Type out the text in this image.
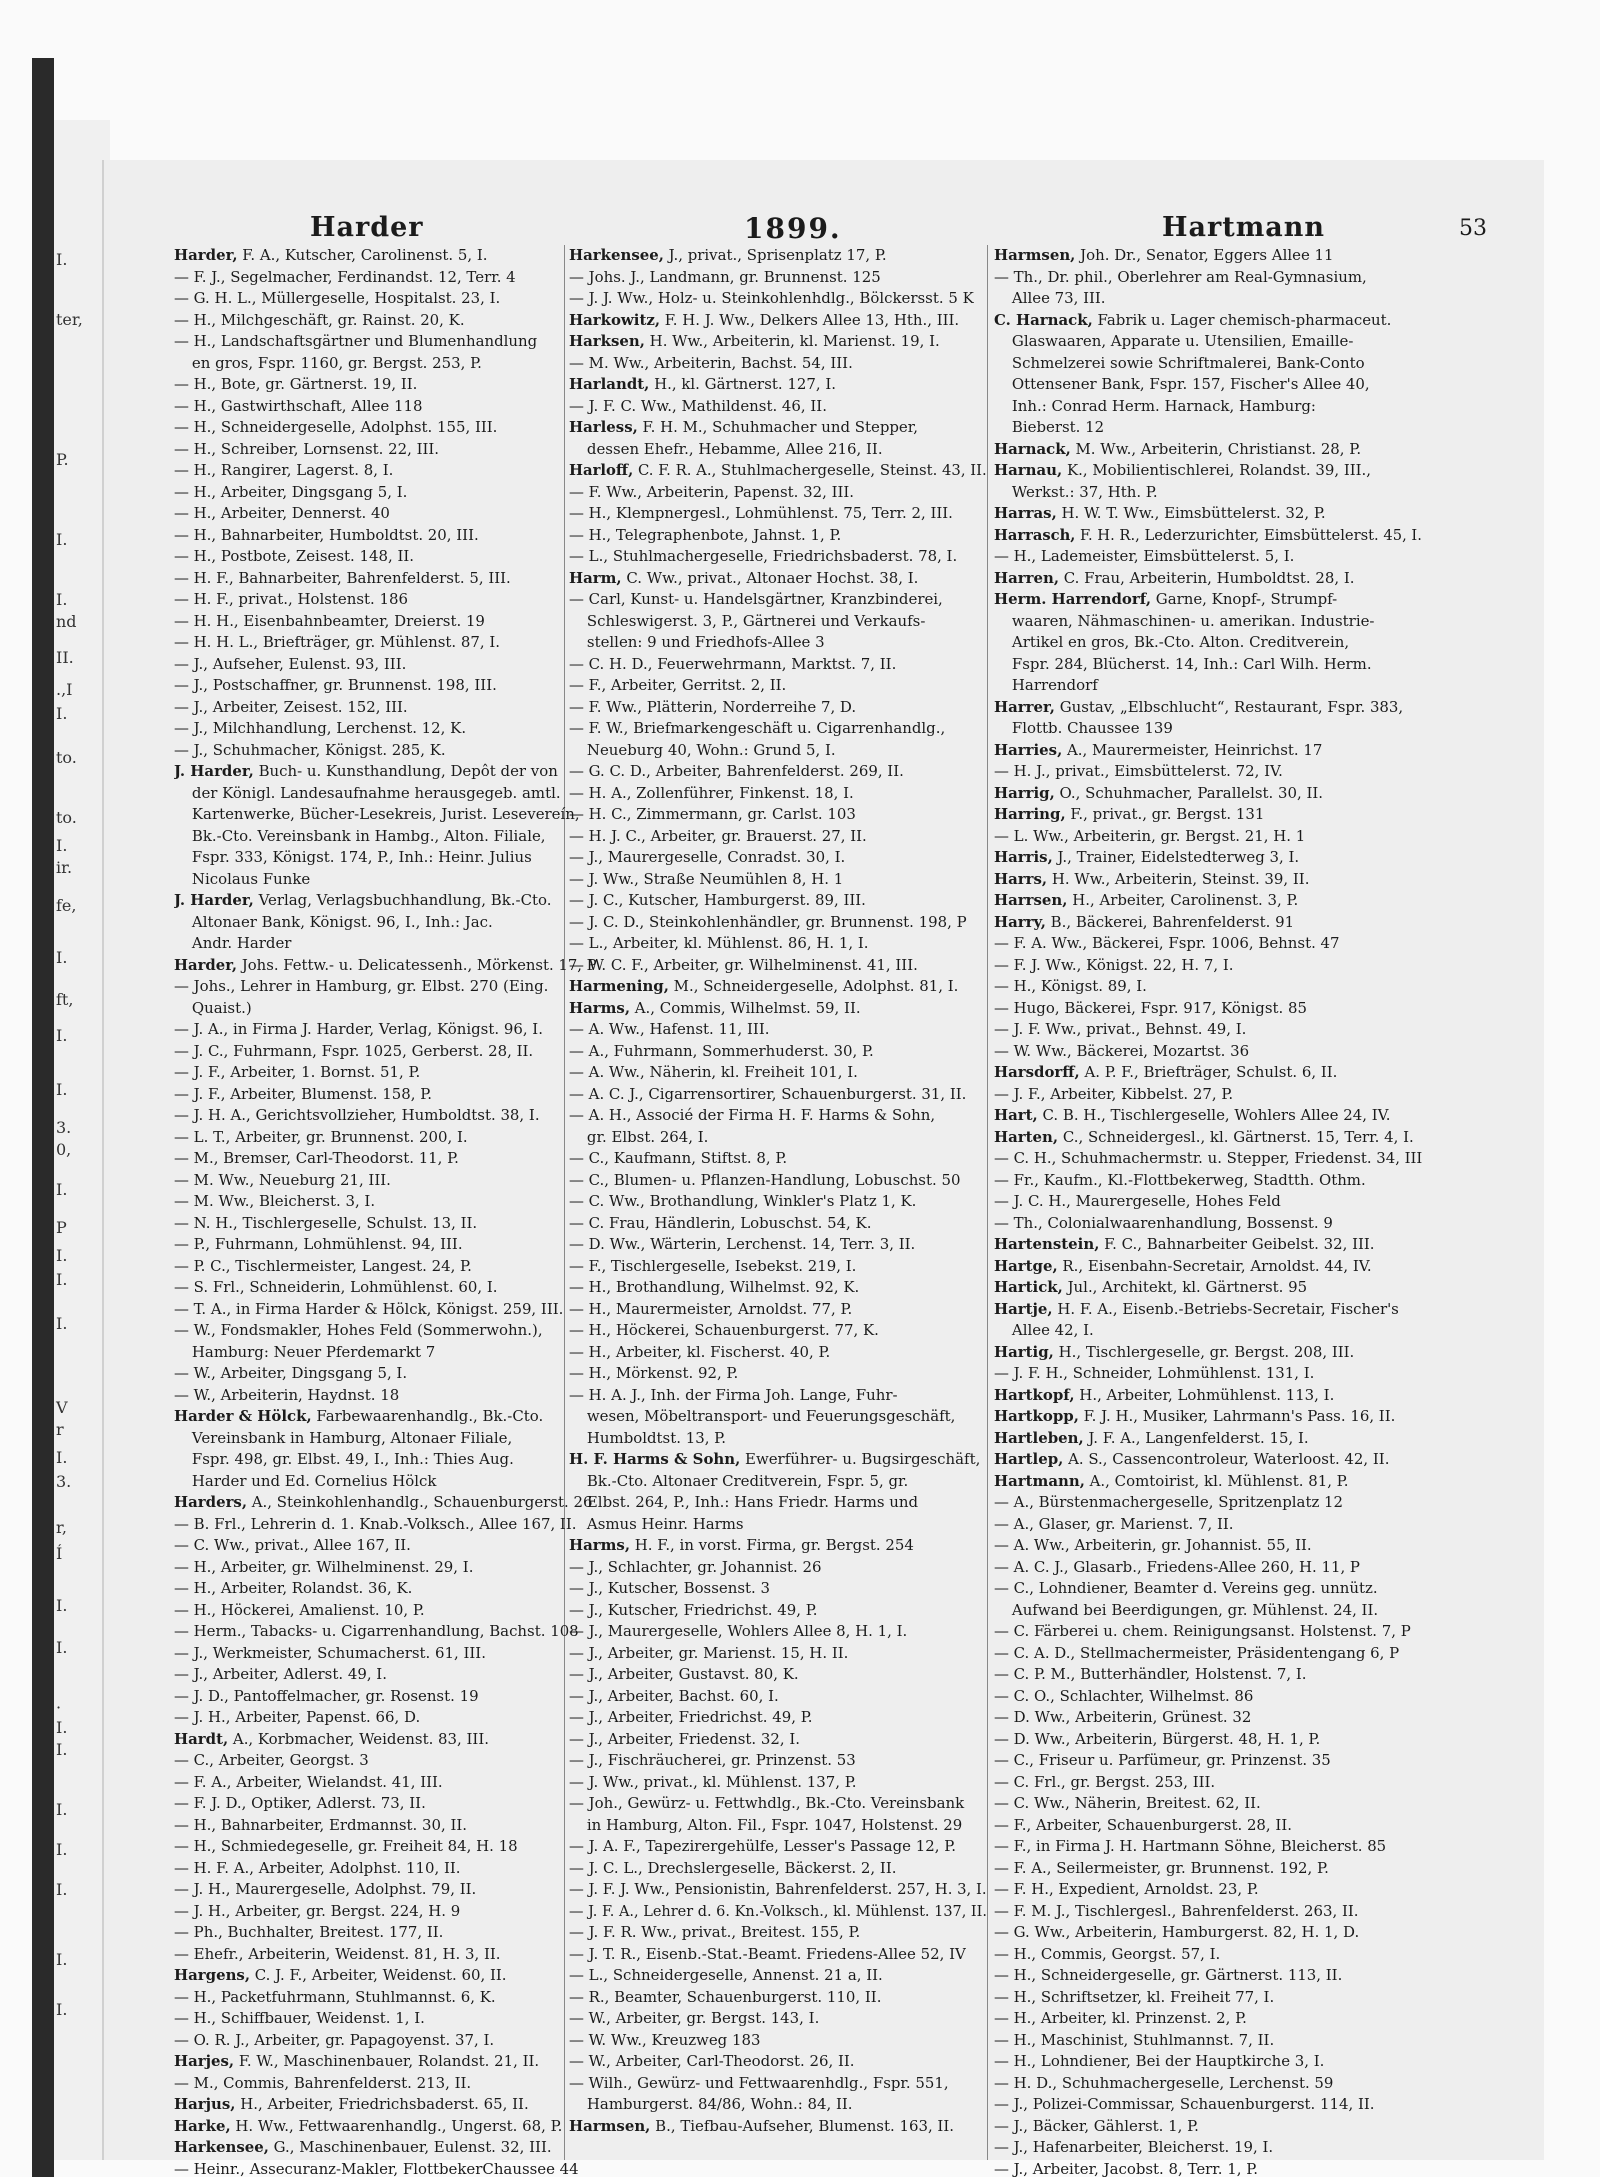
I.
ter,
P.
I.
I.
nd
II.
.,I
I.
to.
to.
I.
ir.
fe,
I.
ft,
I.
I.
3.
0,
I.
P
I.
I.
I.
V
r
I.
3.
r,
Í
I.
I.
·
I.
I.
I.
I.
I.
I.
I.
Harder	1899.	Hartmann	53
Harder, F. A., Kutscher, Carolinenst. 5, I.
— F. J., Segelmacher, Ferdinandst. 12, Terr. 4
— G. H. L., Müllergeselle, Hospitalst. 23, I.
— H., Milchgeschäft, gr. Rainst. 20, K.
— H., Landschaftsgärtner und Blumenhandlung
en gros, Fspr. 1160, gr. Bergst. 253, P.
— H., Bote, gr. Gärtnerst. 19, II.
— H., Gastwirthschaft, Allee 118
— H., Schneidergeselle, Adolphst. 155, III.
— H., Schreiber, Lornsenst. 22, III.
— H., Rangirer, Lagerst. 8, I.
— H., Arbeiter, Dingsgang 5, I.
— H., Arbeiter, Dennerst. 40
— H., Bahnarbeiter, Humboldtst. 20, III.
— H., Postbote, Zeisest. 148, II.
— H. F., Bahnarbeiter, Bahrenfelderst. 5, III.
— H. F., privat., Holstenst. 186
— H. H., Eisenbahnbeamter, Dreierst. 19
— H. H. L., Briefträger, gr. Mühlenst. 87, I.
— J., Aufseher, Eulenst. 93, III.
— J., Postschaffner, gr. Brunnenst. 198, III.
— J., Arbeiter, Zeisest. 152, III.
— J., Milchhandlung, Lerchenst. 12, K.
— J., Schuhmacher, Königst. 285, K.
J. Harder, Buch- u. Kunsthandlung, Depôt der von
der Königl. Landesaufnahme herausgegeb. amtl.
Kartenwerke, Bücher-Lesekreis, Jurist. Lesevereín,
Bk.-Cto. Vereinsbank in Hambg., Alton. Filiale,
Fspr. 333, Königst. 174, P., Inh.: Heinr. Julius
Nicolaus Funke
J. Harder, Verlag, Verlagsbuchhandlung, Bk.-Cto.
Altonaer Bank, Königst. 96, I., Inh.: Jac.
Andr. Harder
Harder, Johs. Fettw.- u. Delicatessenh., Mörkenst. 17, P
— Johs., Lehrer in Hamburg, gr. Elbst. 270 (Eing.
Quaist.)
— J. A., in Firma J. Harder, Verlag, Königst. 96, I.
— J. C., Fuhrmann, Fspr. 1025, Gerberst. 28, II.
— J. F., Arbeiter, 1. Bornst. 51, P.
— J. F., Arbeiter, Blumenst. 158, P.
— J. H. A., Gerichtsvollzieher, Humboldtst. 38, I.
— L. T., Arbeiter, gr. Brunnenst. 200, I.
— M., Bremser, Carl-Theodorst. 11, P.
— M. Ww., Neueburg 21, III.
— M. Ww., Bleicherst. 3, I.
— N. H., Tischlergeselle, Schulst. 13, II.
— P., Fuhrmann, Lohmühlenst. 94, III.
— P. C., Tischlermeister, Langest. 24, P.
— S. Frl., Schneiderin, Lohmühlenst. 60, I.
— T. A., in Firma Harder & Hölck, Königst. 259, III.
— W., Fondsmakler, Hohes Feld (Sommerwohn.),
Hamburg: Neuer Pferdemarkt 7
— W., Arbeiter, Dingsgang 5, I.
— W., Arbeiterin, Haydnst. 18
Harder & Hölck, Farbewaarenhandlg., Bk.-Cto.
Vereinsbank in Hamburg, Altonaer Filiale,
Fspr. 498, gr. Elbst. 49, I., Inh.: Thies Aug.
Harder und Ed. Cornelius Hölck
Harders, A., Steinkohlenhandlg., Schauenburgerst. 26
— B. Frl., Lehrerin d. 1. Knab.-Volksch., Allee 167, II.
— C. Ww., privat., Allee 167, II.
— H., Arbeiter, gr. Wilhelminenst. 29, I.
— H., Arbeiter, Rolandst. 36, K.
— H., Höckerei, Amalienst. 10, P.
— Herm., Tabacks- u. Cigarrenhandlung, Bachst. 108
— J., Werkmeister, Schumacherst. 61, III.
— J., Arbeiter, Adlerst. 49, I.
— J. D., Pantoffelmacher, gr. Rosenst. 19
— J. H., Arbeiter, Papenst. 66, D.
Hardt, A., Korbmacher, Weidenst. 83, III.
— C., Arbeiter, Georgst. 3
— F. A., Arbeiter, Wielandst. 41, III.
— F. J. D., Optiker, Adlerst. 73, II.
— H., Bahnarbeiter, Erdmannst. 30, II.
— H., Schmiedegeselle, gr. Freiheit 84, H. 18
— H. F. A., Arbeiter, Adolphst. 110, II.
— J. H., Maurergeselle, Adolphst. 79, II.
— J. H., Arbeiter, gr. Bergst. 224, H. 9
— Ph., Buchhalter, Breitest. 177, II.
— Ehefr., Arbeiterin, Weidenst. 81, H. 3, II.
Hargens, C. J. F., Arbeiter, Weidenst. 60, II.
— H., Packetfuhrmann, Stuhlmannst. 6, K.
— H., Schiffbauer, Weidenst. 1, I.
— O. R. J., Arbeiter, gr. Papagoyenst. 37, I.
Harjes, F. W., Maschinenbauer, Rolandst. 21, II.
— M., Commis, Bahrenfelderst. 213, II.
Harjus, H., Arbeiter, Friedrichsbaderst. 65, II.
Harke, H. Ww., Fettwaarenhandlg., Ungerst. 68, P.
Harkensee, G., Maschinenbauer, Eulenst. 32, III.
— Heinr., Assecuranz-Makler, FlottbekerChaussee 44
Harkensee, J., privat., Sprisenplatz 17, P.
— Johs. J., Landmann, gr. Brunnenst. 125
— J. J. Ww., Holz- u. Steinkohlenhdlg., Bölckersst. 5 K
Harkowitz, F. H. J. Ww., Delkers Allee 13, Hth., III.
Harksen, H. Ww., Arbeiterin, kl. Marienst. 19, I.
— M. Ww., Arbeiterin, Bachst. 54, III.
Harlandt, H., kl. Gärtnerst. 127, I.
— J. F. C. Ww., Mathildenst. 46, II.
Harless, F. H. M., Schuhmacher und Stepper,
dessen Ehefr., Hebamme, Allee 216, II.
Harloff, C. F. R. A., Stuhlmachergeselle, Steinst. 43, II.
— F. Ww., Arbeiterin, Papenst. 32, III.
— H., Klempnergesl., Lohmühlenst. 75, Terr. 2, III.
— H., Telegraphenbote, Jahnst. 1, P.
— L., Stuhlmachergeselle, Friedrichsbaderst. 78, I.
Harm, C. Ww., privat., Altonaer Hochst. 38, I.
— Carl, Kunst- u. Handelsgärtner, Kranzbinderei,
Schleswigerst. 3, P., Gärtnerei und Verkaufs-
stellen: 9 und Friedhofs-Allee 3
— C. H. D., Feuerwehrmann, Marktst. 7, II.
— F., Arbeiter, Gerritst. 2, II.
— F. Ww., Plätterin, Norderreihe 7, D.
— F. W., Briefmarkengeschäft u. Cigarrenhandlg.,
Neueburg 40, Wohn.: Grund 5, I.
— G. C. D., Arbeiter, Bahrenfelderst. 269, II.
— H. A., Zollenführer, Finkenst. 18, I.
— H. C., Zimmermann, gr. Carlst. 103
— H. J. C., Arbeiter, gr. Brauerst. 27, II.
— J., Maurergeselle, Conradst. 30, I.
— J. Ww., Straße Neumühlen 8, H. 1
— J. C., Kutscher, Hamburgerst. 89, III.
— J. C. D., Steinkohlenhändler, gr. Brunnenst. 198, P
— L., Arbeiter, kl. Mühlenst. 86, H. 1, I.
— W. C. F., Arbeiter, gr. Wilhelminenst. 41, III.
Harmening, M., Schneidergeselle, Adolphst. 81, I.
Harms, A., Commis, Wilhelmst. 59, II.
— A. Ww., Hafenst. 11, III.
— A., Fuhrmann, Sommerhuderst. 30, P.
— A. Ww., Näherin, kl. Freiheit 101, I.
— A. C. J., Cigarrensortirer, Schauenburgerst. 31, II.
— A. H., Associé der Firma H. F. Harms & Sohn,
gr. Elbst. 264, I.
— C., Kaufmann, Stiftst. 8, P.
— C., Blumen- u. Pflanzen-Handlung, Lobuschst. 50
— C. Ww., Brothandlung, Winkler's Platz 1, K.
— C. Frau, Händlerin, Lobuschst. 54, K.
— D. Ww., Wärterin, Lerchenst. 14, Terr. 3, II.
— F., Tischlergeselle, Isebekst. 219, I.
— H., Brothandlung, Wilhelmst. 92, K.
— H., Maurermeister, Arnoldst. 77, P.
— H., Höckerei, Schauenburgerst. 77, K.
— H., Arbeiter, kl. Fischerst. 40, P.
— H., Mörkenst. 92, P.
— H. A. J., Inh. der Firma Joh. Lange, Fuhr-
wesen, Möbeltransport- und Feuerungsgeschäft,
Humboldtst. 13, P.
H. F. Harms & Sohn, Ewerführer- u. Bugsirgeschäft,
Bk.-Cto. Altonaer Creditverein, Fspr. 5, gr.
Elbst. 264, P., Inh.: Hans Friedr. Harms und
Asmus Heinr. Harms
Harms, H. F., in vorst. Firma, gr. Bergst. 254
— J., Schlachter, gr. Johannist. 26
— J., Kutscher, Bossenst. 3
— J., Kutscher, Friedrichst. 49, P.
— J., Maurergeselle, Wohlers Allee 8, H. 1, I.
— J., Arbeiter, gr. Marienst. 15, H. II.
— J., Arbeiter, Gustavst. 80, K.
— J., Arbeiter, Bachst. 60, I.
— J., Arbeiter, Friedrichst. 49, P.
— J., Arbeiter, Friedenst. 32, I.
— J., Fischräucherei, gr. Prinzenst. 53
— J. Ww., privat., kl. Mühlenst. 137, P.
— Joh., Gewürz- u. Fettwhdlg., Bk.-Cto. Vereinsbank
in Hamburg, Alton. Fil., Fspr. 1047, Holstenst. 29
— J. A. F., Tapezirergehülfe, Lesser's Passage 12, P.
— J. C. L., Drechslergeselle, Bäckerst. 2, II.
— J. F. J. Ww., Pensionistin, Bahrenfelderst. 257, H. 3, I.
— J. F. A., Lehrer d. 6. Kn.-Volksch., kl. Mühlenst. 137, II.
— J. F. R. Ww., privat., Breitest. 155, P.
— J. T. R., Eisenb.-Stat.-Beamt. Friedens-Allee 52, IV
— L., Schneidergeselle, Annenst. 21 a, II.
— R., Beamter, Schauenburgerst. 110, II.
— W., Arbeiter, gr. Bergst. 143, I.
— W. Ww., Kreuzweg 183
— W., Arbeiter, Carl-Theodorst. 26, II.
— Wilh., Gewürz- und Fettwaarenhdlg., Fspr. 551,
Hamburgerst. 84/86, Wohn.: 84, II.
Harmsen, B., Tiefbau-Aufseher, Blumenst. 163, II.
Harmsen, Joh. Dr., Senator, Eggers Allee 11
— Th., Dr. phil., Oberlehrer am Real-Gymnasium,
Allee 73, III.
C. Harnack, Fabrik u. Lager chemisch-pharmaceut.
Glaswaaren, Apparate u. Utensilien, Emaille-
Schmelzerei sowie Schriftmalerei, Bank-Conto
Ottensener Bank, Fspr. 157, Fischer's Allee 40,
Inh.: Conrad Herm. Harnack, Hamburg:
Bieberst. 12
Harnack, M. Ww., Arbeiterin, Christianst. 28, P.
Harnau, K., Mobilientischlerei, Rolandst. 39, III.,
Werkst.: 37, Hth. P.
Harras, H. W. T. Ww., Eimsbüttelerst. 32, P.
Harrasch, F. H. R., Lederzurichter, Eimsbüttelerst. 45, I.
— H., Lademeister, Eimsbüttelerst. 5, I.
Harren, C. Frau, Arbeiterin, Humboldtst. 28, I.
Herm. Harrendorf, Garne, Knopf-, Strumpf-
waaren, Nähmaschinen- u. amerikan. Industrie-
Artikel en gros, Bk.-Cto. Alton. Creditverein,
Fspr. 284, Blücherst. 14, Inh.: Carl Wilh. Herm.
Harrendorf
Harrer, Gustav, „Elbschlucht“, Restaurant, Fspr. 383,
Flottb. Chaussee 139
Harries, A., Maurermeister, Heinrichst. 17
— H. J., privat., Eimsbüttelerst. 72, IV.
Harrig, O., Schuhmacher, Parallelst. 30, II.
Harring, F., privat., gr. Bergst. 131
— L. Ww., Arbeiterin, gr. Bergst. 21, H. 1
Harris, J., Trainer, Eidelstedterweg 3, I.
Harrs, H. Ww., Arbeiterin, Steinst. 39, II.
Harrsen, H., Arbeiter, Carolinenst. 3, P.
Harry, B., Bäckerei, Bahrenfelderst. 91
— F. A. Ww., Bäckerei, Fspr. 1006, Behnst. 47
— F. J. Ww., Königst. 22, H. 7, I.
— H., Königst. 89, I.
— Hugo, Bäckerei, Fspr. 917, Königst. 85
— J. F. Ww., privat., Behnst. 49, I.
— W. Ww., Bäckerei, Mozartst. 36
Harsdorff, A. P. F., Briefträger, Schulst. 6, II.
— J. F., Arbeiter, Kibbelst. 27, P.
Hart, C. B. H., Tischlergeselle, Wohlers Allee 24, IV.
Harten, C., Schneidergesl., kl. Gärtnerst. 15, Terr. 4, I.
— C. H., Schuhmachermstr. u. Stepper, Friedenst. 34, III
— Fr., Kaufm., Kl.-Flottbekerweg, Stadtth. Othm.
— J. C. H., Maurergeselle, Hohes Feld
— Th., Colonialwaarenhandlung, Bossenst. 9
Hartenstein, F. C., Bahnarbeiter Geibelst. 32, III.
Hartge, R., Eisenbahn-Secretair, Arnoldst. 44, IV.
Hartick, Jul., Architekt, kl. Gärtnerst. 95
Hartje, H. F. A., Eisenb.-Betriebs-Secretair, Fischer's
Allee 42, I.
Hartig, H., Tischlergeselle, gr. Bergst. 208, III.
— J. F. H., Schneider, Lohmühlenst. 131, I.
Hartkopf, H., Arbeiter, Lohmühlenst. 113, I.
Hartkopp, F. J. H., Musiker, Lahrmann's Pass. 16, II.
Hartleben, J. F. A., Langenfelderst. 15, I.
Hartlep, A. S., Cassencontroleur, Waterloost. 42, II.
Hartmann, A., Comtoirist, kl. Mühlenst. 81, P.
— A., Bürstenmachergeselle, Spritzenplatz 12
— A., Glaser, gr. Marienst. 7, II.
— A. Ww., Arbeiterin, gr. Johannist. 55, II.
— A. C. J., Glasarb., Friedens-Allee 260, H. 11, P
— C., Lohndiener, Beamter d. Vereins geg. unnütz.
Aufwand bei Beerdigungen, gr. Mühlenst. 24, II.
— C. Färberei u. chem. Reinigungsanst. Holstenst. 7, P
— C. A. D., Stellmachermeister, Präsidentengang 6, P
— C. P. M., Butterhändler, Holstenst. 7, I.
— C. O., Schlachter, Wilhelmst. 86
— D. Ww., Arbeiterin, Grünest. 32
— D. Ww., Arbeiterin, Bürgerst. 48, H. 1, P.
— C., Friseur u. Parfümeur, gr. Prinzenst. 35
— C. Frl., gr. Bergst. 253, III.
— C. Ww., Näherin, Breitest. 62, II.
— F., Arbeiter, Schauenburgerst. 28, II.
— F., in Firma J. H. Hartmann Söhne, Bleicherst. 85
— F. A., Seilermeister, gr. Brunnenst. 192, P.
— F. H., Expedient, Arnoldst. 23, P.
— F. M. J., Tischlergesl., Bahrenfelderst. 263, II.
— G. Ww., Arbeiterin, Hamburgerst. 82, H. 1, D.
— H., Commis, Georgst. 57, I.
— H., Schneidergeselle, gr. Gärtnerst. 113, II.
— H., Schriftsetzer, kl. Freiheit 77, I.
— H., Arbeiter, kl. Prinzenst. 2, P.
— H., Maschinist, Stuhlmannst. 7, II.
— H., Lohndiener, Bei der Hauptkirche 3, I.
— H. D., Schuhmachergeselle, Lerchenst. 59
— J., Polizei-Commissar, Schauenburgerst. 114, II.
— J., Bäcker, Gählerst. 1, P.
— J., Hafenarbeiter, Bleicherst. 19, I.
— J., Arbeiter, Jacobst. 8, Terr. 1, P.
